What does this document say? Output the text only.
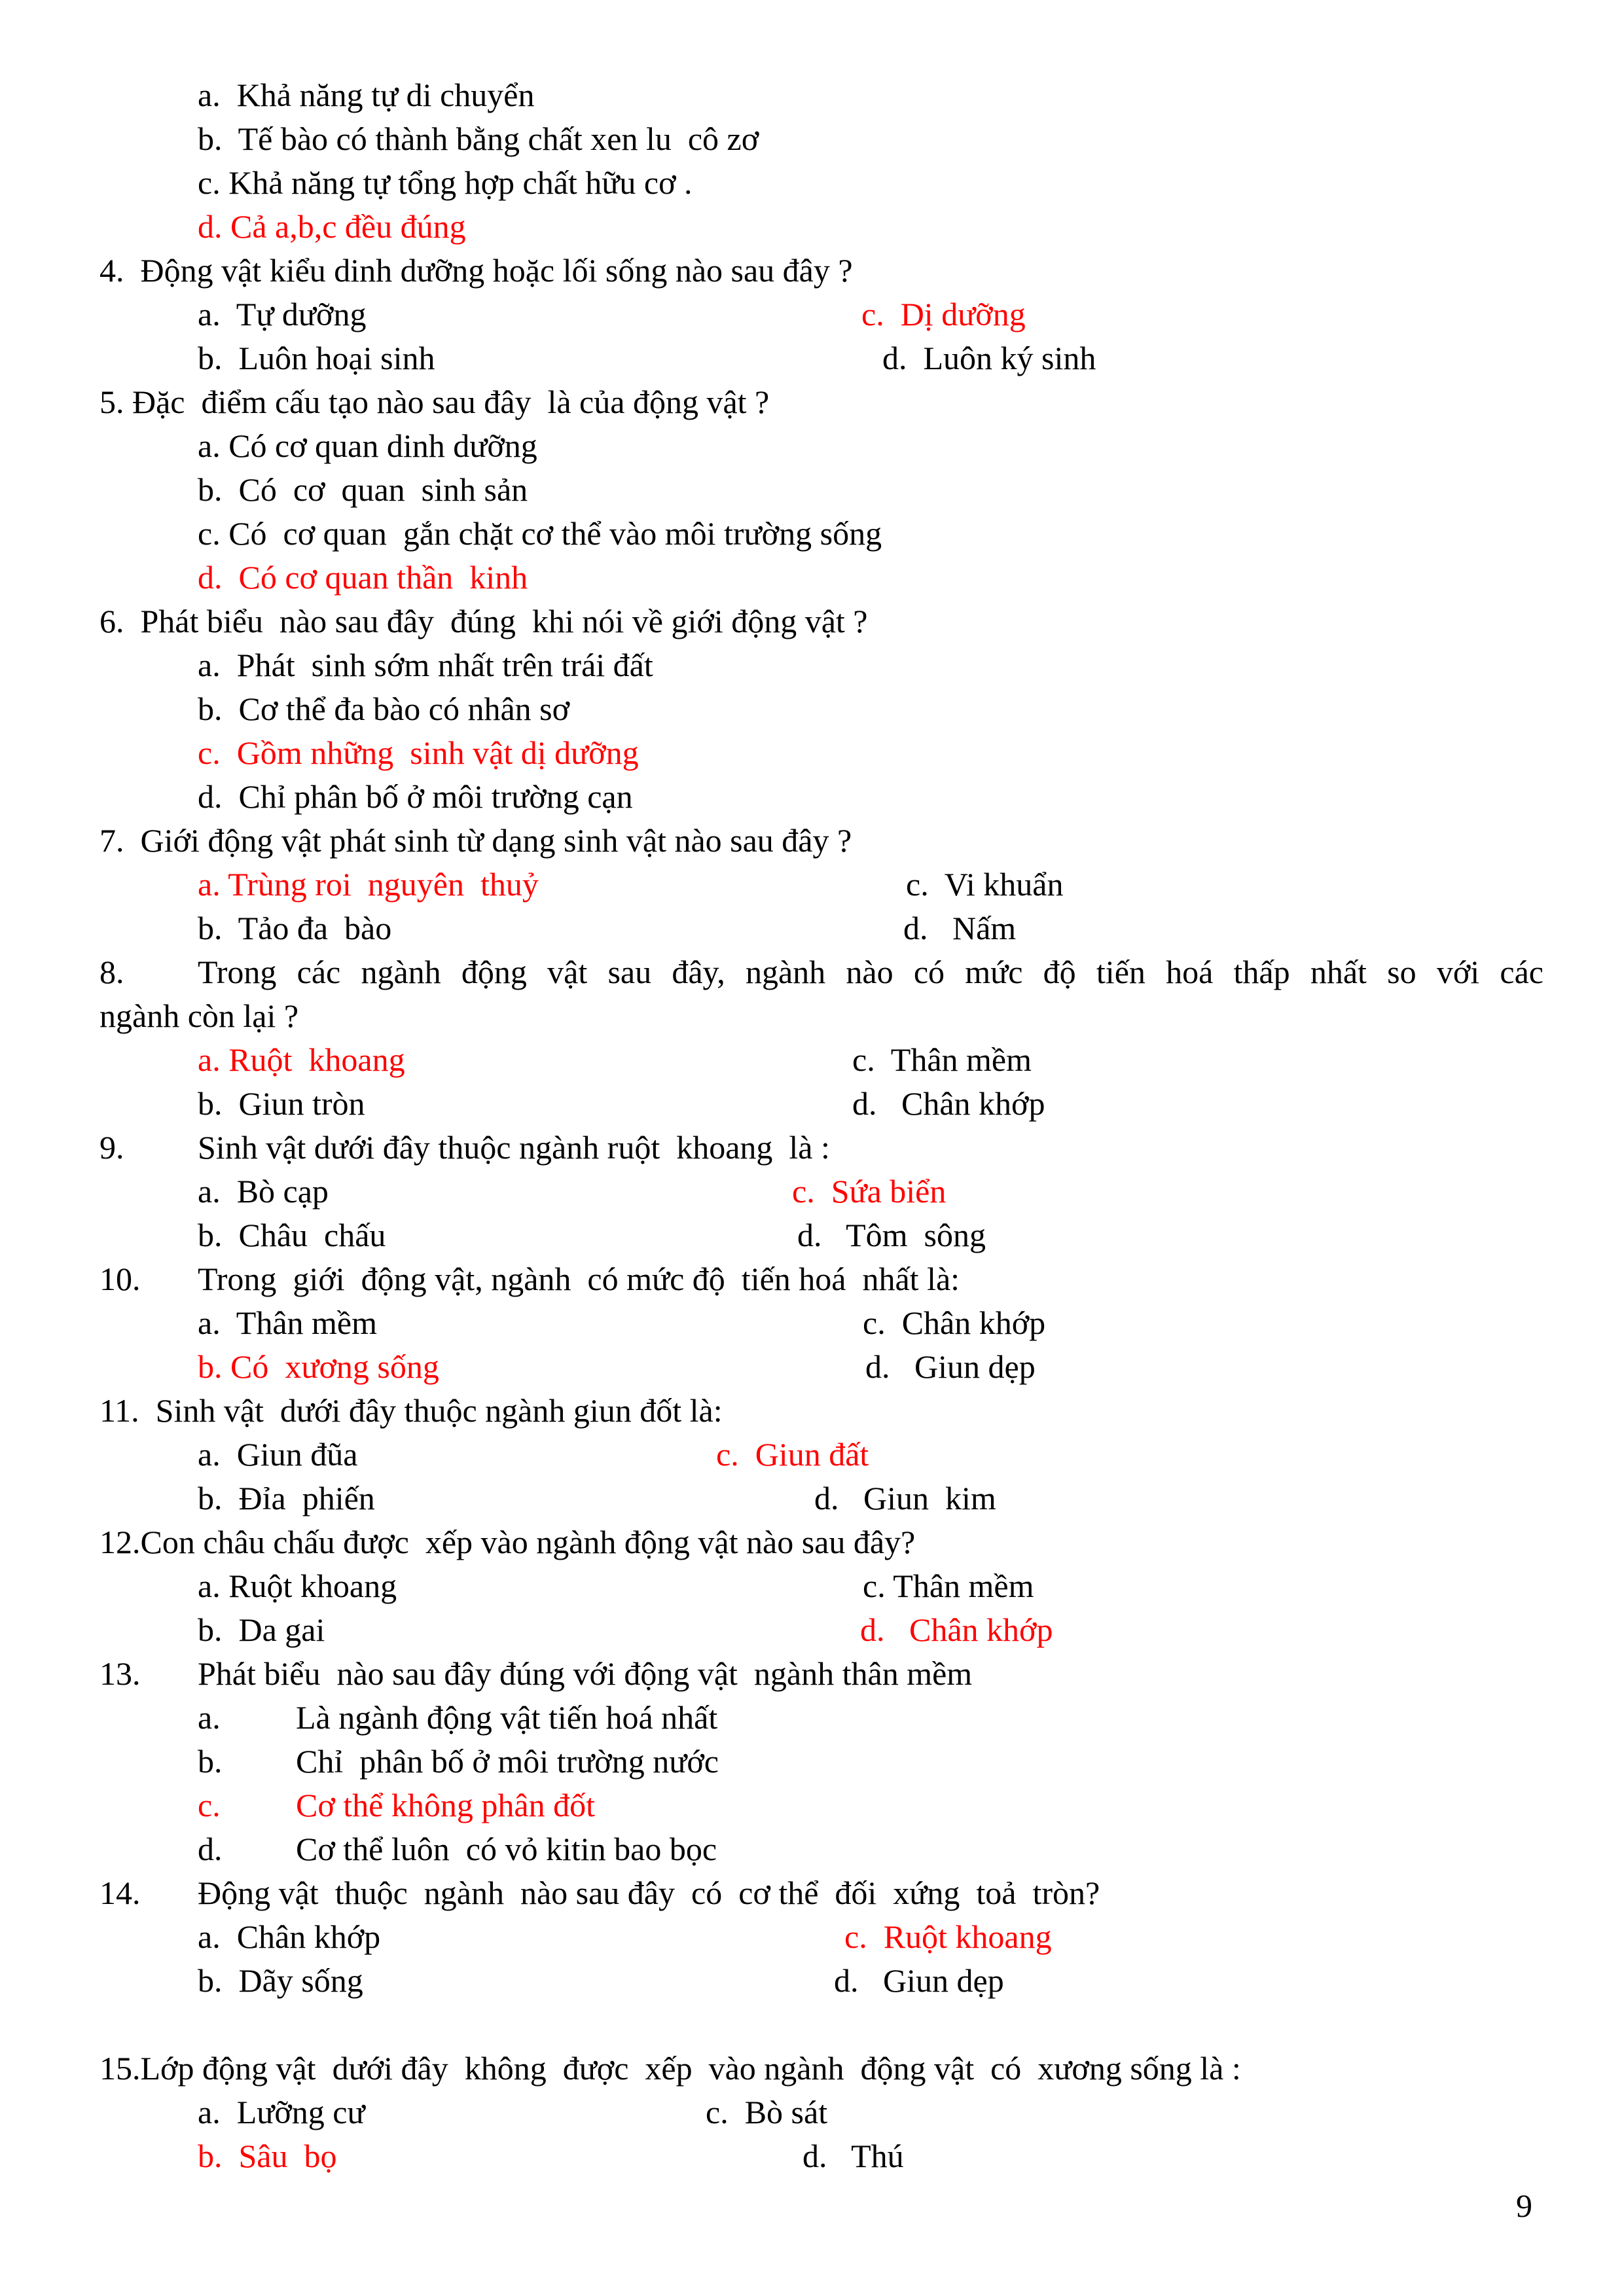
a.  Khả năng tự di chuyển
b.  Tế bào có thành bằng chất xen lu  cô zơ
c. Khả năng tự tổng hợp chất hữu cơ .
d. Cả a,b,c đều đúng
4.  Động vật kiểu dinh dưỡng hoặc lối sống nào sau đây ?
a.  Tự dưỡng	c.  Dị dưỡng
b.  Luôn hoại sinh	d.  Luôn ký sinh
5. Đặc  điểm cấu tạo nào sau đây  là của động vật ?
a. Có cơ quan dinh dưỡng
b.  Có  cơ  quan  sinh sản
c. Có  cơ quan  gắn chặt cơ thể vào môi trường sống
d.  Có cơ quan thần  kinh
6.  Phát biểu  nào sau đây  đúng  khi nói về giới động vật ?
a.  Phát  sinh sớm nhất trên trái đất
b.  Cơ thể đa bào có nhân sơ
c.  Gồm những  sinh vật dị dưỡng
d.  Chỉ phân bố ở môi trường cạn
7.  Giới động vật phát sinh từ dạng sinh vật nào sau đây ?
a. Trùng roi  nguyên  thuỷ	c.  Vi khuẩn
b.  Tảo đa  bào	d.   Nấm
8. Trong các ngành động vật sau đây, ngành nào có mức độ tiến hoá thấp nhất so với các
ngành còn lại ?
a. Ruột  khoang	c.  Thân mềm
b.  Giun tròn	d.   Chân khớp
9. Sinh vật dưới đây thuộc ngành ruột  khoang  là :
a.  Bò cạp	c.  Sứa biển
b.  Châu  chấu	d.   Tôm  sông
10. Trong  giới  động vật, ngành  có mức độ  tiến hoá  nhất là:
a.  Thân mềm	c.  Chân khớp
b. Có  xương sống	d.   Giun dẹp
11.  Sinh vật  dưới đây thuộc ngành giun đốt là:
a.  Giun đũa	c.  Giun đất
b.  Đỉa  phiến	d.   Giun  kim
12.Con châu chấu được  xếp vào ngành động vật nào sau đây?
a. Ruột khoang	c. Thân mềm
b.  Da gai	d.   Chân khớp
13. Phát biểu  nào sau đây đúng với động vật  ngành thân mềm
a. Là ngành động vật tiến hoá nhất
b. Chỉ  phân bố ở môi trường nước
c. Cơ thể không phân đốt
d. Cơ thể luôn  có vỏ kitin bao bọc
14. Động vật  thuộc  ngành  nào sau đây  có  cơ thể  đối  xứng  toả  tròn?
a.  Chân khớp	c.  Ruột khoang
b.  Dãy sống	d.   Giun dẹp
15.Lớp động vật  dưới đây  không  được  xếp  vào ngành  động vật  có  xương sống là :
a.  Lưỡng cư	c.  Bò sát
b.  Sâu  bọ	d.   Thú
9
